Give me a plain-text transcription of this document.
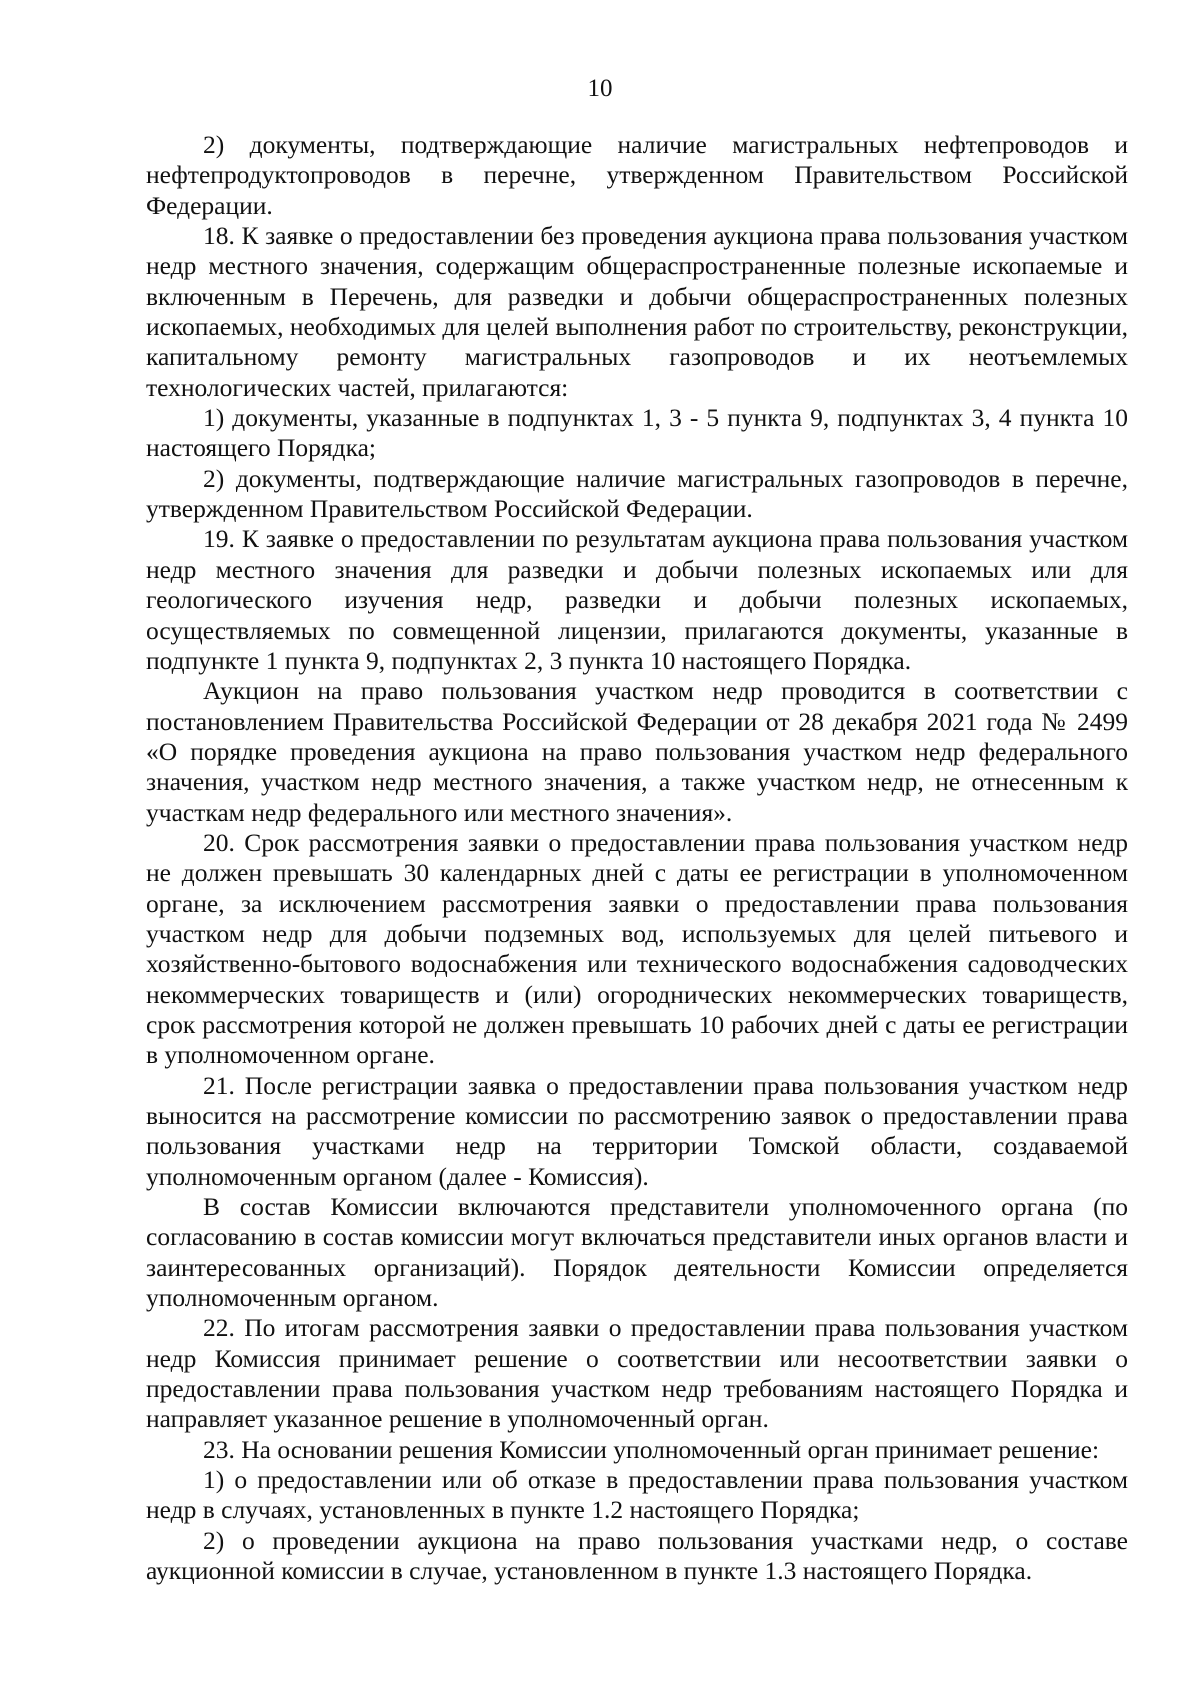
10

2) документы, подтверждающие наличие магистральных нефтепроводов и нефтепродуктопроводов в перечне, утвержденном Правительством Российской Федерации.

18. К заявке о предоставлении без проведения аукциона права пользования участком недр местного значения, содержащим общераспространенные полезные ископаемые и включенным в Перечень, для разведки и добычи общераспространенных полезных ископаемых, необходимых для целей выполнения работ по строительству, реконструкции, капитальному ремонту магистральных газопроводов и их неотъемлемых технологических частей, прилагаются:

1) документы, указанные в подпунктах 1, 3 - 5 пункта 9, подпунктах 3, 4 пункта 10 настоящего Порядка;

2) документы, подтверждающие наличие магистральных газопроводов в перечне, утвержденном Правительством Российской Федерации.

19. К заявке о предоставлении по результатам аукциона права пользования участком недр местного значения для разведки и добычи полезных ископаемых или для геологического изучения недр, разведки и добычи полезных ископаемых, осуществляемых по совмещенной лицензии, прилагаются документы, указанные в подпункте 1 пункта 9, подпунктах 2, 3 пункта 10 настоящего Порядка.

Аукцион на право пользования участком недр проводится в соответствии с постановлением Правительства Российской Федерации от 28 декабря 2021 года № 2499 «О порядке проведения аукциона на право пользования участком недр федерального значения, участком недр местного значения, а также участком недр, не отнесенным к участкам недр федерального или местного значения».

20. Срок рассмотрения заявки о предоставлении права пользования участком недр не должен превышать 30 календарных дней с даты ее регистрации в уполномоченном органе, за исключением рассмотрения заявки о предоставлении права пользования участком недр для добычи подземных вод, используемых для целей питьевого и хозяйственно-бытового водоснабжения или технического водоснабжения садоводческих некоммерческих товариществ и (или) огороднических некоммерческих товариществ, срок рассмотрения которой не должен превышать 10 рабочих дней с даты ее регистрации в уполномоченном органе.

21. После регистрации заявка о предоставлении права пользования участком недр выносится на рассмотрение комиссии по рассмотрению заявок о предоставлении права пользования участками недр на территории Томской области, создаваемой уполномоченным органом (далее - Комиссия).

В состав Комиссии включаются представители уполномоченного органа (по согласованию в состав комиссии могут включаться представители иных органов власти и заинтересованных организаций). Порядок деятельности Комиссии определяется уполномоченным органом.

22. По итогам рассмотрения заявки о предоставлении права пользования участком недр Комиссия принимает решение о соответствии или несоответствии заявки о предоставлении права пользования участком недр требованиям настоящего Порядка и направляет указанное решение в уполномоченный орган.

23. На основании решения Комиссии уполномоченный орган принимает решение:

1) о предоставлении или об отказе в предоставлении права пользования участком недр в случаях, установленных в пункте 1.2 настоящего Порядка;

2) о проведении аукциона на право пользования участками недр, о составе аукционной комиссии в случае, установленном в пункте 1.3 настоящего Порядка.
